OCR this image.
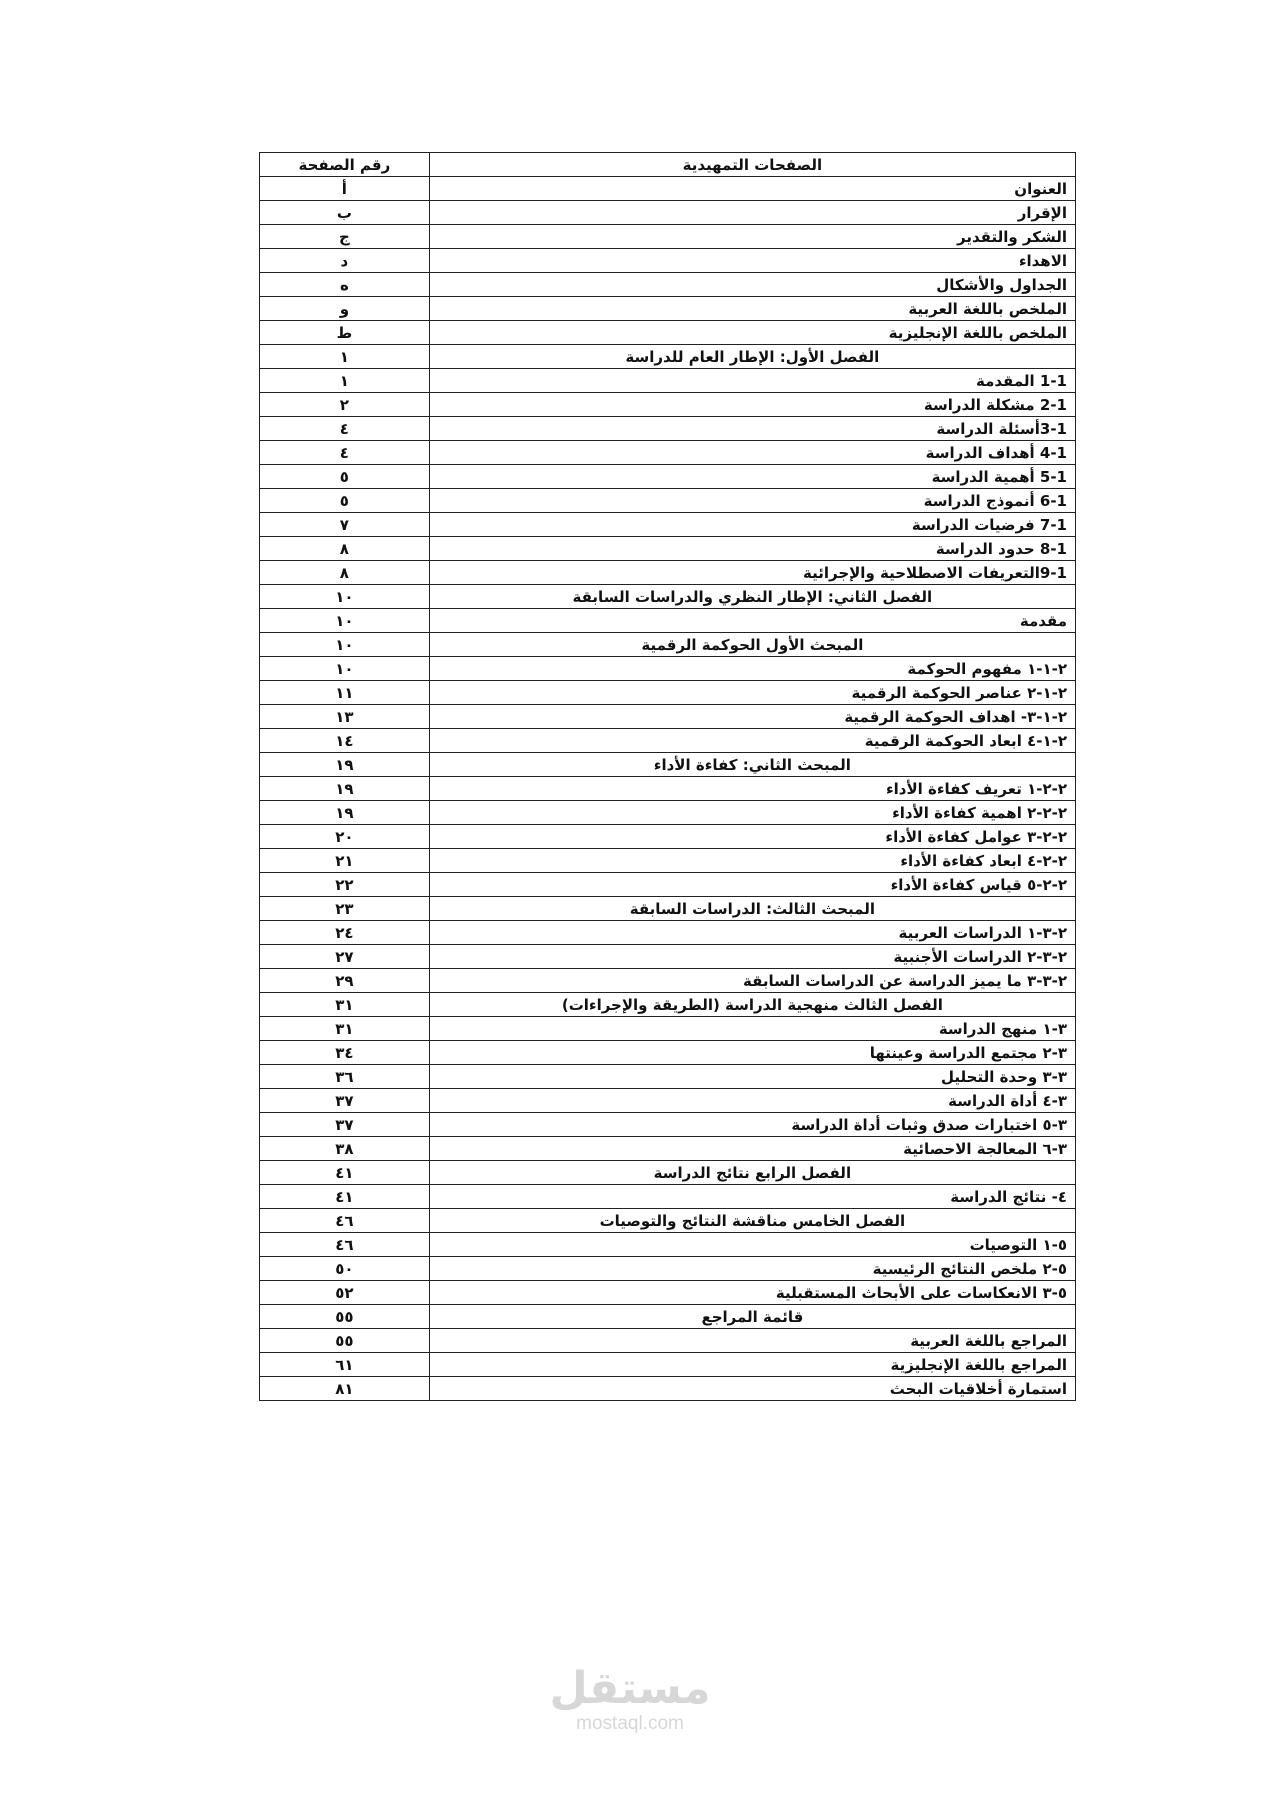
الصفحات التمهيدية	رقم الصفحة
العنوان	أ
الإقرار	ب
الشكر والتقدير	ج
الاهداء	د
الجداول والأشكال	ه
الملخص باللغة العربية	و
الملخص باللغة الإنجليزية	ط
الفصل الأول: الإطار العام للدراسة	١
1-1 المقدمة	١
2-1 مشكلة الدراسة	٢
3-1أسئلة الدراسة	٤
4-1 أهداف الدراسة	٤
5-1 أهمية الدراسة	٥
6-1 أنموذج الدراسة	٥
7-1 فرضيات الدراسة	٧
8-1 حدود الدراسة	٨
9-1التعريفات الاصطلاحية والإجرائية	٨
الفصل الثاني: الإطار النظري والدراسات السابقة	١٠
مقدمة	١٠
المبحث الأول الحوكمة الرقمية	١٠
٢-١-١ مفهوم الحوكمة	١٠
٢-١-٢ عناصر الحوكمة الرقمية	١١
٢-١-٣- اهداف الحوكمة الرقمية	١٣
٢-١-٤ ابعاد الحوكمة الرقمية	١٤
المبحث الثاني: كفاءة الأداء	١٩
٢-٢-١ تعريف كفاءة الأداء	١٩
٢-٢-٢ اهمية كفاءة الأداء	١٩
٢-٢-٣ عوامل كفاءة الأداء	٢٠
٢-٢-٤ ابعاد كفاءة الأداء	٢١
٢-٢-٥ قياس كفاءة الأداء	٢٢
المبحث الثالث: الدراسات السابقة	٢٣
٢-٣-١ الدراسات العربية	٢٤
٢-٣-٢ الدراسات الأجنبية	٢٧
٢-٣-٣ ما يميز الدراسة عن الدراسات السابقة	٢٩
الفصل الثالث منهجية الدراسة (الطريقة والإجراءات)	٣١
٣-١ منهج الدراسة	٣١
٣-٢ مجتمع الدراسة وعينتها	٣٤
٣-٣ وحدة التحليل	٣٦
٣-٤ أداة الدراسة	٣٧
٣-٥ اختبارات صدق وثبات أداة الدراسة	٣٧
٣-٦ المعالجة الاحصائية	٣٨
الفصل الرابع نتائج الدراسة	٤١
٤- نتائج الدراسة	٤١
الفصل الخامس مناقشة النتائج والتوصيات	٤٦
٥-١ التوصيات	٤٦
٥-٢ ملخص النتائج الرئيسية	٥٠
٥-٣ الانعكاسات على الأبحاث المستقبلية	٥٢
قائمة المراجع	٥٥
المراجع باللغة العربية	٥٥
المراجع باللغة الإنجليزية	٦١
استمارة أخلاقيات البحث	٨١
مستقل
mostaql.com
